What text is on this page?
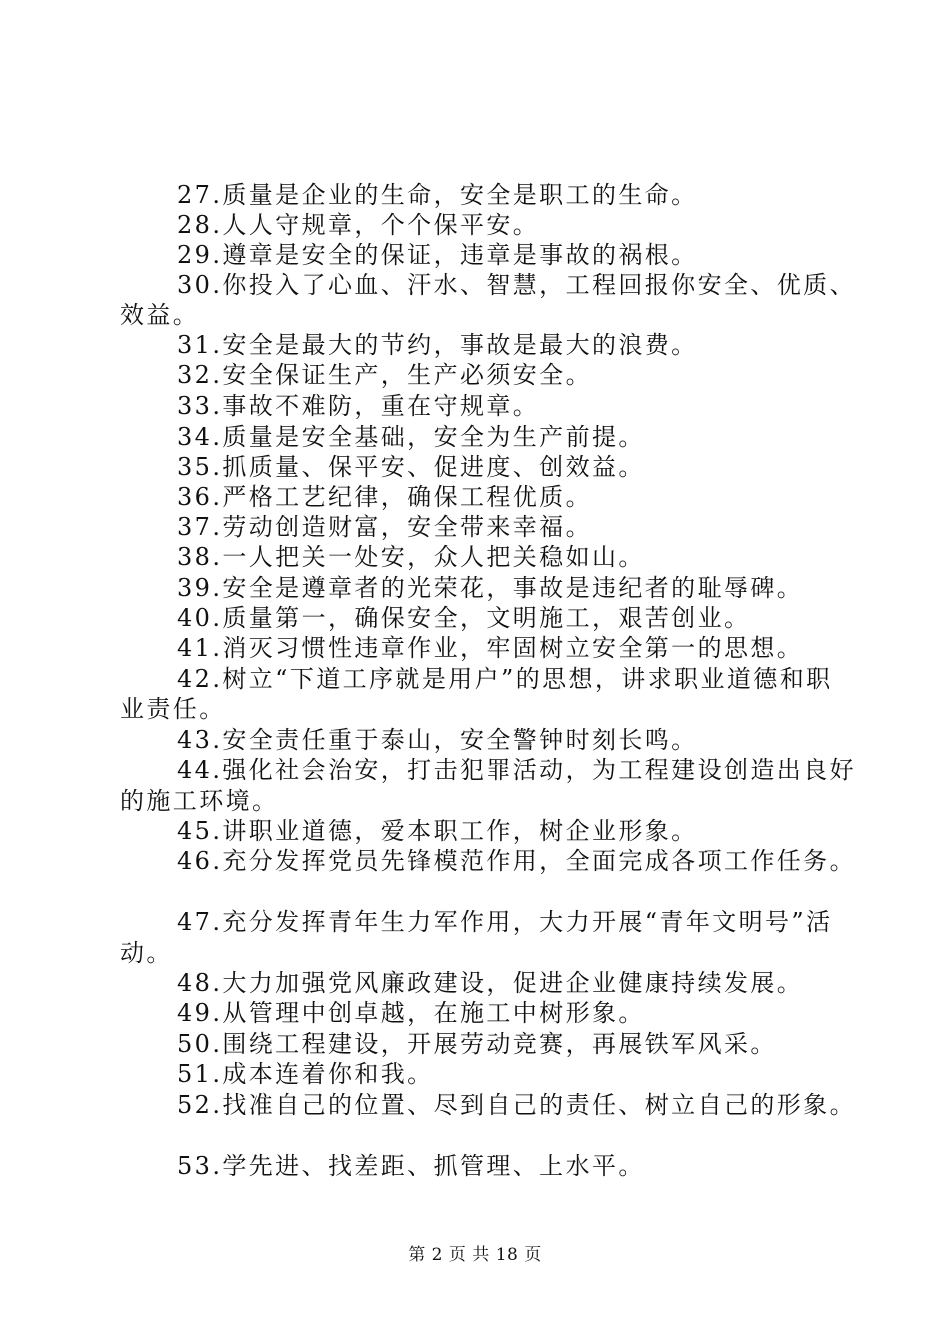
27.质量是企业的生命，安全是职工的生命。
28.人人守规章，个个保平安。
29.遵章是安全的保证，违章是事故的祸根。
30.你投入了心血、汗水、智慧，工程回报你安全、优质、
效益。
31.安全是最大的节约，事故是最大的浪费。
32.安全保证生产，生产必须安全。
33.事故不难防，重在守规章。
34.质量是安全基础，安全为生产前提。
35.抓质量、保平安、促进度、创效益。
36.严格工艺纪律，确保工程优质。
37.劳动创造财富，安全带来幸福。
38.一人把关一处安，众人把关稳如山。
39.安全是遵章者的光荣花，事故是违纪者的耻辱碑。
40.质量第一，确保安全，文明施工，艰苦创业。
41.消灭习惯性违章作业，牢固树立安全第一的思想。
42.树立“下道工序就是用户”的思想，讲求职业道德和职
业责任。
43.安全责任重于泰山，安全警钟时刻长鸣。
44.强化社会治安，打击犯罪活动，为工程建设创造出良好
的施工环境。
45.讲职业道德，爱本职工作，树企业形象。
46.充分发挥党员先锋模范作用，全面完成各项工作任务。
47.充分发挥青年生力军作用，大力开展“青年文明号”活
动。
48.大力加强党风廉政建设，促进企业健康持续发展。
49.从管理中创卓越，在施工中树形象。
50.围绕工程建设，开展劳动竞赛，再展铁军风采。
51.成本连着你和我。
52.找准自己的位置、尽到自己的责任、树立自己的形象。
53.学先进、找差距、抓管理、上水平。
第 2 页 共 18 页
